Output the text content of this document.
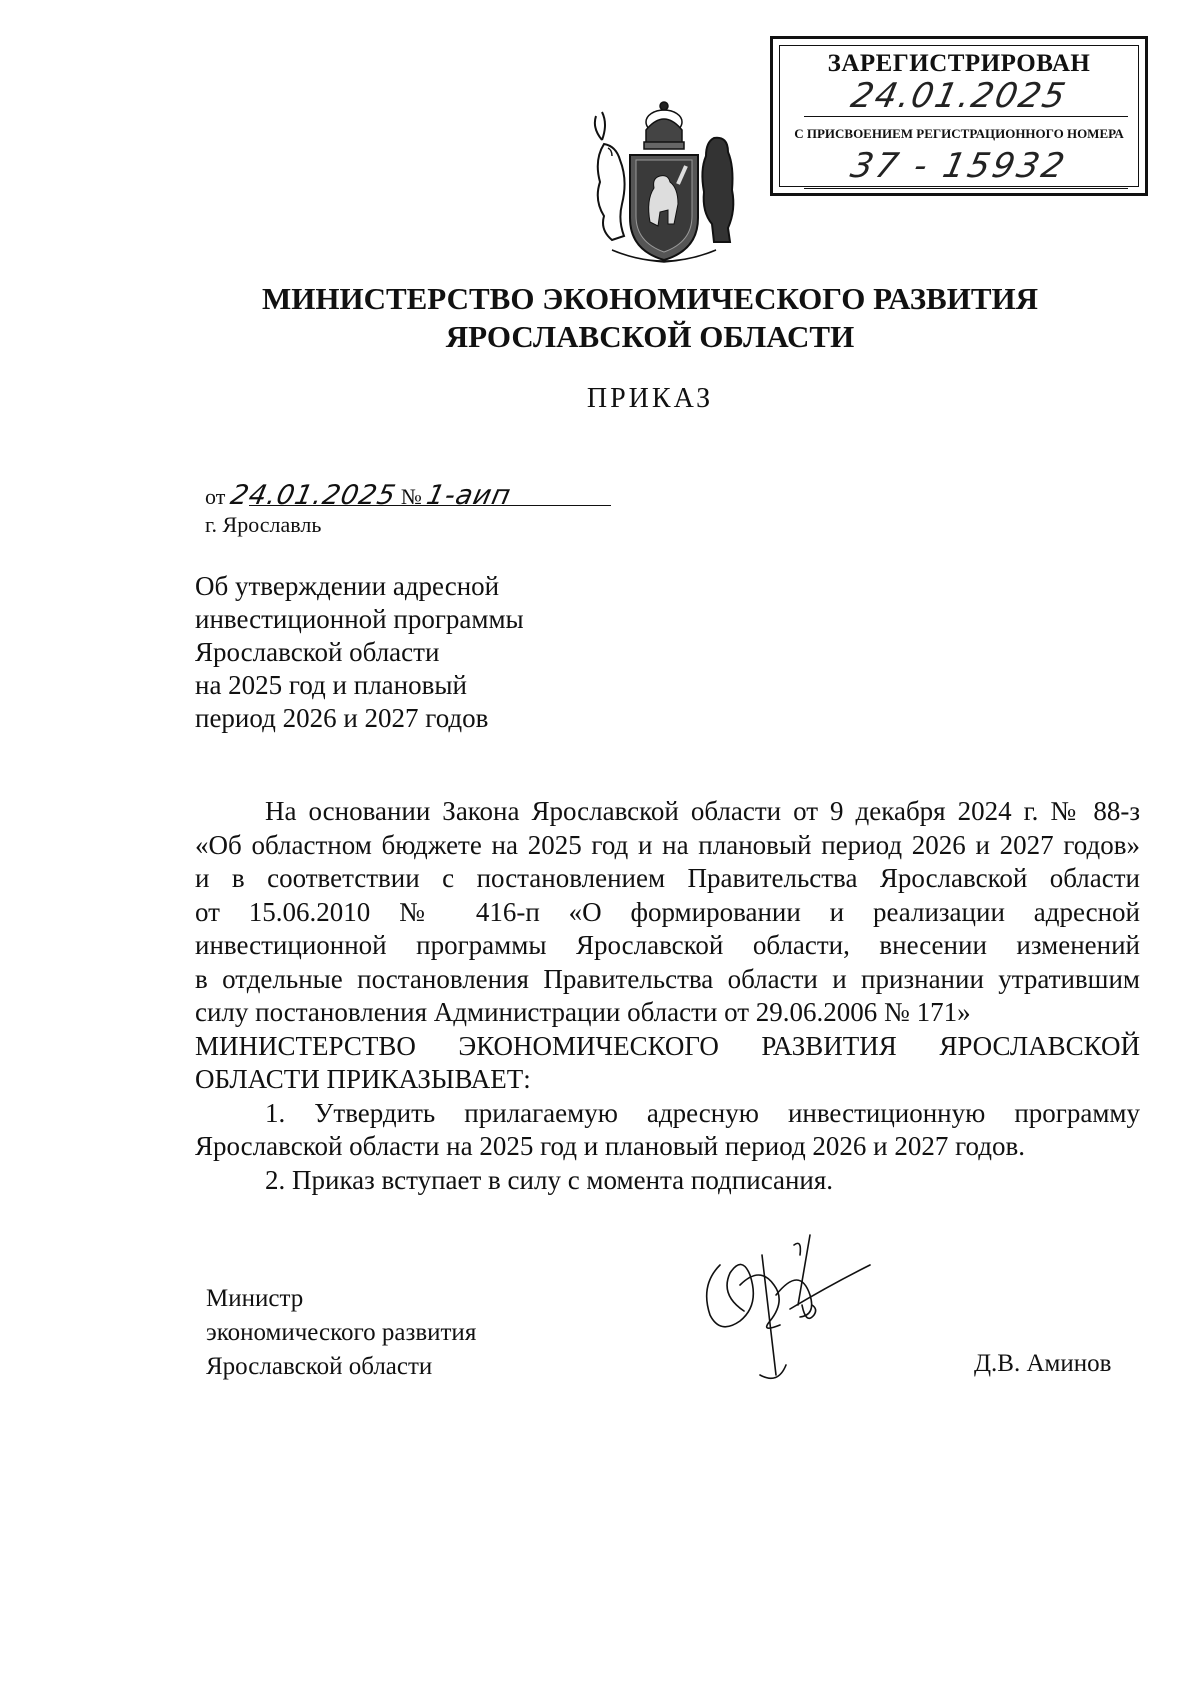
ЗАРЕГИСТРИРОВАН
24.01.2025
С ПРИСВОЕНИЕМ РЕГИСТРАЦИОННОГО НОМЕРА
37 - 15932
МИНИСТЕРСТВО ЭКОНОМИЧЕСКОГО РАЗВИТИЯ
ЯРОСЛАВСКОЙ ОБЛАСТИ
ПРИКАЗ
от 24.01.2025 № 1-аип
г. Ярославль
Об утверждении адресной
инвестиционной программы
Ярославской области
на 2025 год и плановый
период 2026 и 2027 годов

На основании Закона Ярославской области от 9 декабря 2024 г. № 88-з

«Об областном бюджете на 2025 год и на плановый период 2026 и 2027 годов»

и в соответствии с постановлением Правительства Ярославской области

от 15.06.2010 № 416-п «О формировании и реализации адресной

инвестиционной программы Ярославской области, внесении изменений

в отдельные постановления Правительства области и признании утратившим

силу постановления Администрации области от 29.06.2006 № 171»

МИНИСТЕРСТВО ЭКОНОМИЧЕСКОГО РАЗВИТИЯ ЯРОСЛАВСКОЙ

ОБЛАСТИ ПРИКАЗЫВАЕТ:

1. Утвердить прилагаемую адресную инвестиционную программу

Ярославской области на 2025 год и плановый период 2026 и 2027 годов.

2. Приказ вступает в силу с момента подписания.

Министр
экономического развития
Ярославской области	Д.В. Аминов
